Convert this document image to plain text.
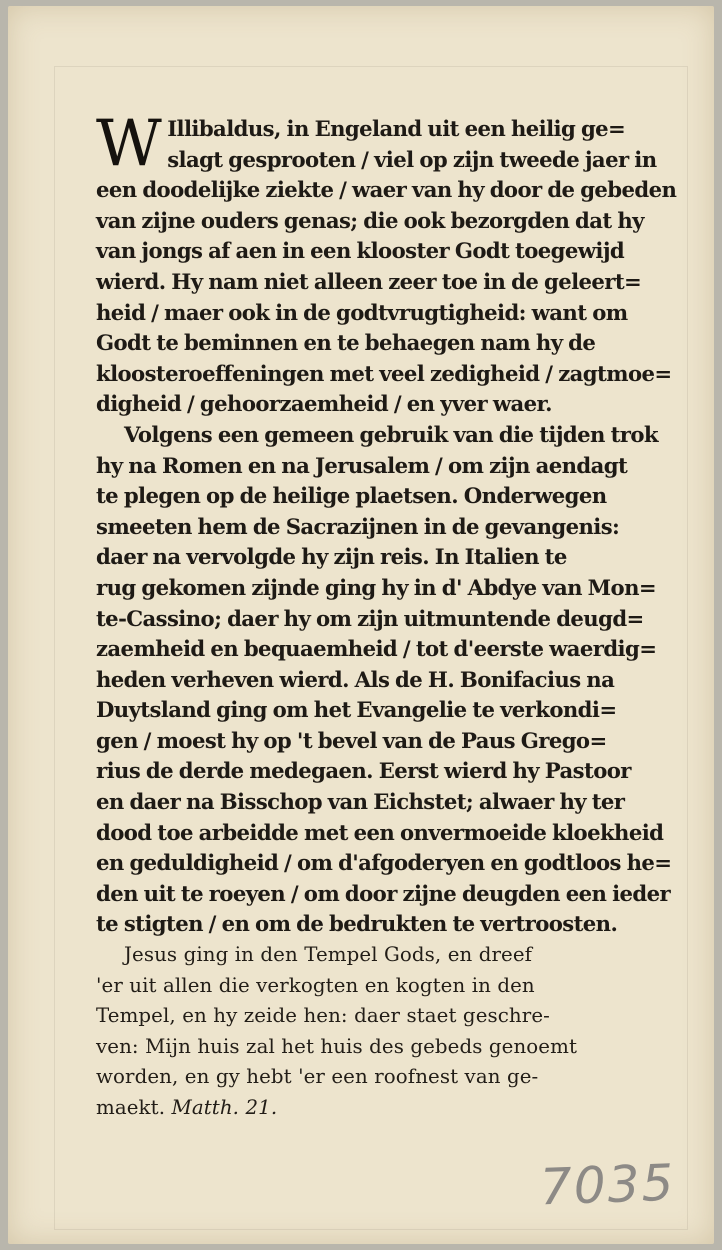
W Illibaldus, in Engeland uit een heilig ge=
slagt gesprooten / viel op zijn tweede jaer in
een doodelijke ziekte / waer van hy door de gebeden
van zijne ouders genas; die ook bezorgden dat hy
van jongs af aen in een klooster Godt toegewijd
wierd. Hy nam niet alleen zeer toe in de geleert=
heid / maer ook in de godtvrugtigheid: want om
Godt te beminnen en te behaegen nam hy de
kloosteroeffeningen met veel zedigheid / zagtmoe=
digheid / gehoorzaemheid / en yver waer.
Volgens een gemeen gebruik van die tijden trok
hy na Romen en na Jerusalem / om zijn aendagt
te plegen op de heilige plaetsen. Onderwegen
smeeten hem de Sacrazijnen in de gevangenis:
daer na vervolgde hy zijn reis. In Italien te
rug gekomen zijnde ging hy in d' Abdye van Mon=
te-Cassino; daer hy om zijn uitmuntende deugd=
zaemheid en bequaemheid / tot d'eerste waerdig=
heden verheven wierd. Als de H. Bonifacius na
Duytsland ging om het Evangelie te verkondi=
gen / moest hy op 't bevel van de Paus Grego=
rius de derde medegaen. Eerst wierd hy Pastoor
en daer na Bisschop van Eichstet; alwaer hy ter
dood toe arbeidde met een onvermoeide kloekheid
en geduldigheid / om d'afgoderyen en godtloos he=
den uit te roeyen / om door zijne deugden een ieder
te stigten / en om de bedrukten te vertroosten.
Jesus ging in den Tempel Gods, en dreef
'er uit allen die verkogten en kogten in den
Tempel, en hy zeide hen: daer staet geschre-
ven: Mijn huis zal het huis des gebeds genoemt
worden, en gy hebt 'er een roofnest van ge-
maekt. Matth. 21.
7035
